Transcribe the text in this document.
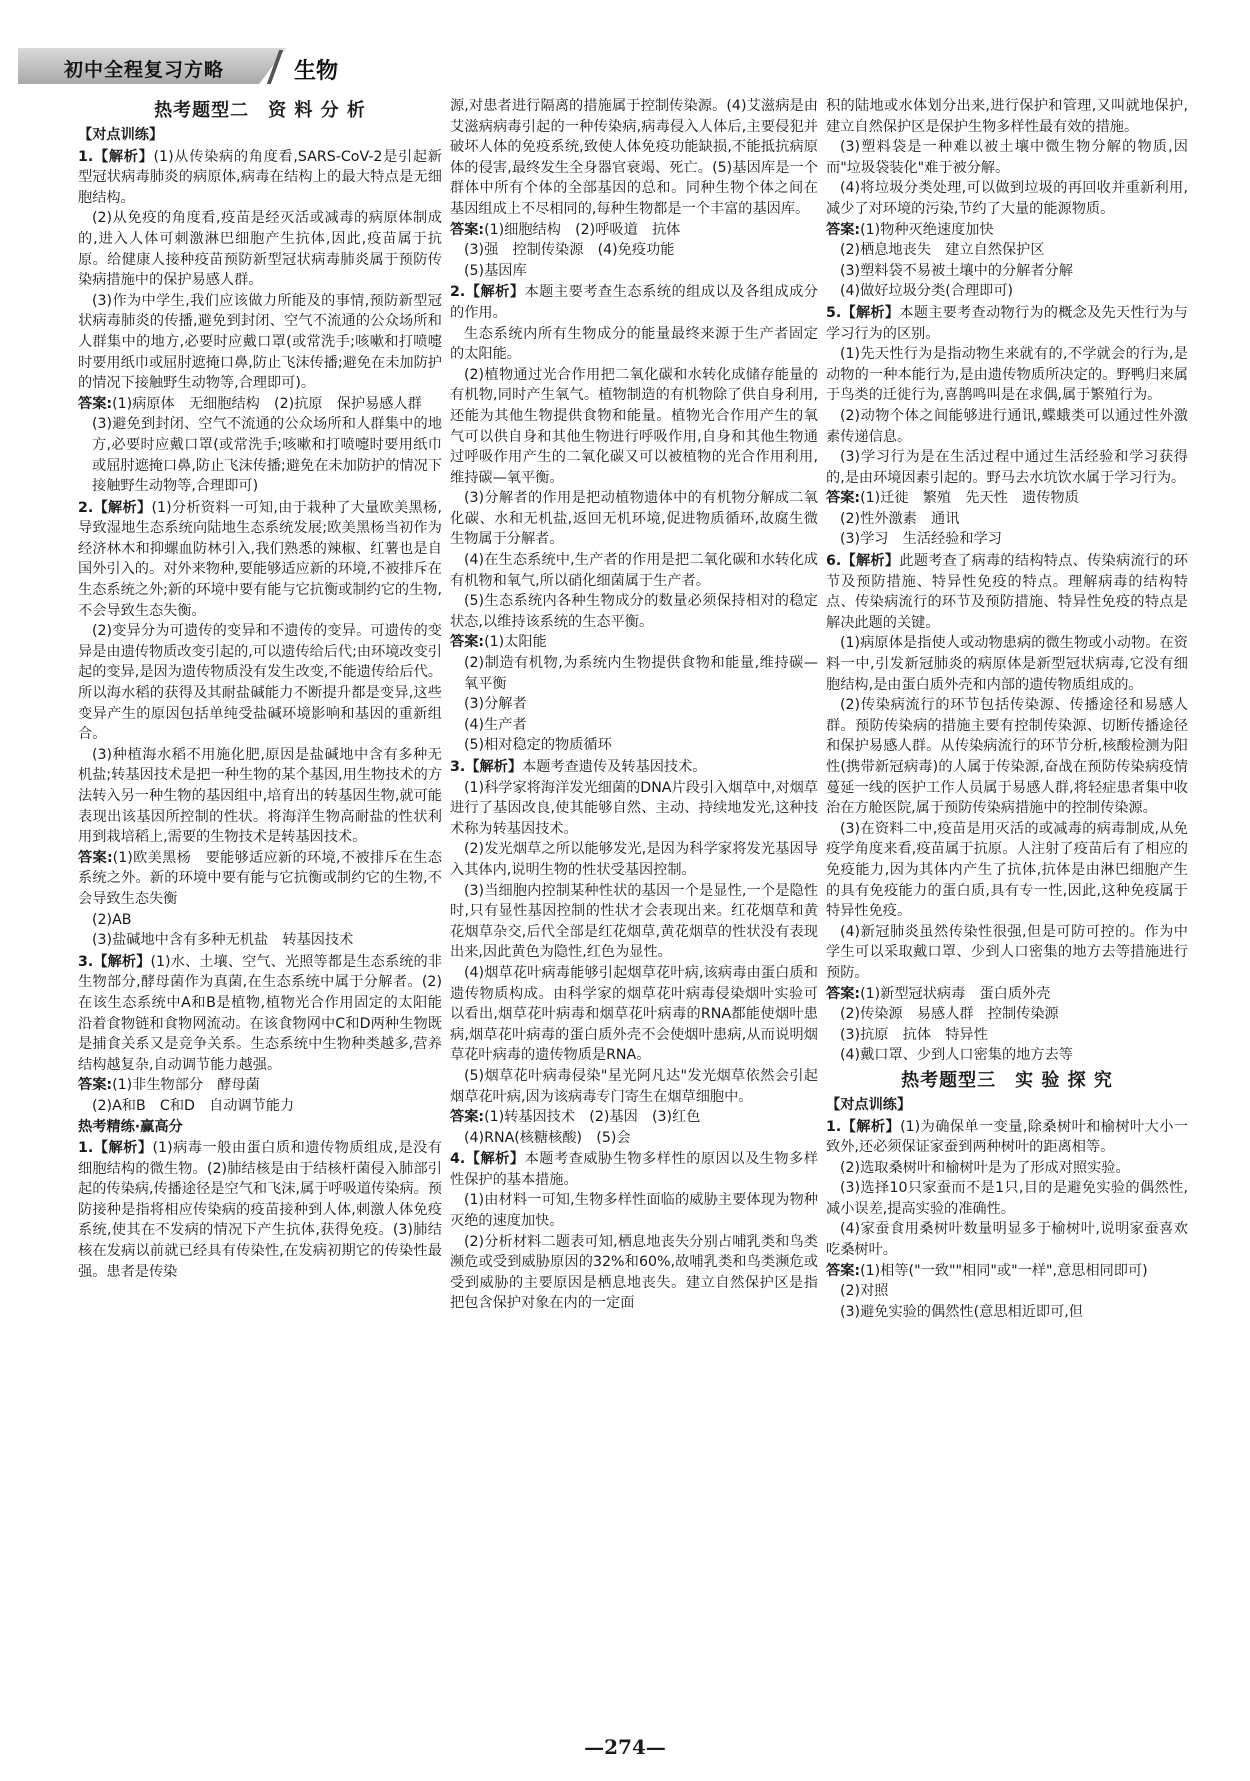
初中全程复习方略	生物
热考题型二　资 料 分 析
【对点训练】
1.【解析】(1)从传染病的角度看,SARS-CoV-2是引起新型冠状病毒肺炎的病原体,病毒在结构上的最大特点是无细胞结构。
(2)从免疫的角度看,疫苗是经灭活或减毒的病原体制成的,进入人体可刺激淋巴细胞产生抗体,因此,疫苗属于抗原。给健康人接种疫苗预防新型冠状病毒肺炎属于预防传染病措施中的保护易感人群。
(3)作为中学生,我们应该做力所能及的事情,预防新型冠状病毒肺炎的传播,避免到封闭、空气不流通的公众场所和人群集中的地方,必要时应戴口罩(或常洗手;咳嗽和打喷嚏时要用纸巾或屈肘遮掩口鼻,防止飞沫传播;避免在未加防护的情况下接触野生动物等,合理即可)。
答案:(1)病原体　无细胞结构　(2)抗原　保护易感人群
(3)避免到封闭、空气不流通的公众场所和人群集中的地方,必要时应戴口罩(或常洗手;咳嗽和打喷嚏时要用纸巾或屈肘遮掩口鼻,防止飞沫传播;避免在未加防护的情况下接触野生动物等,合理即可)
2.【解析】(1)分析资料一可知,由于栽种了大量欧美黑杨,导致湿地生态系统向陆地生态系统发展;欧美黑杨当初作为经济林木和抑螺血防林引入,我们熟悉的辣椒、红薯也是自国外引入的。对外来物种,要能够适应新的环境,不被排斥在生态系统之外;新的环境中要有能与它抗衡或制约它的生物,不会导致生态失衡。
(2)变异分为可遗传的变异和不遗传的变异。可遗传的变异是由遗传物质改变引起的,可以遗传给后代;由环境改变引起的变异,是因为遗传物质没有发生改变,不能遗传给后代。所以海水稻的获得及其耐盐碱能力不断提升都是变异,这些变异产生的原因包括单纯受盐碱环境影响和基因的重新组合。
(3)种植海水稻不用施化肥,原因是盐碱地中含有多种无机盐;转基因技术是把一种生物的某个基因,用生物技术的方法转入另一种生物的基因组中,培育出的转基因生物,就可能表现出该基因所控制的性状。将海洋生物高耐盐的性状利用到栽培稻上,需要的生物技术是转基因技术。
答案:(1)欧美黑杨　要能够适应新的环境,不被排斥在生态系统之外。新的环境中要有能与它抗衡或制约它的生物,不会导致生态失衡
(2)AB
(3)盐碱地中含有多种无机盐　转基因技术
3.【解析】(1)水、土壤、空气、光照等都是生态系统的非生物部分,酵母菌作为真菌,在生态系统中属于分解者。(2)在该生态系统中A和B是植物,植物光合作用固定的太阳能沿着食物链和食物网流动。在该食物网中C和D两种生物既是捕食关系又是竞争关系。生态系统中生物种类越多,营养结构越复杂,自动调节能力越强。
答案:(1)非生物部分　酵母菌
(2)A和B　C和D　自动调节能力
热考精练·赢高分
1.【解析】(1)病毒一般由蛋白质和遗传物质组成,是没有细胞结构的微生物。(2)肺结核是由于结核杆菌侵入肺部引起的传染病,传播途径是空气和飞沫,属于呼吸道传染病。预防接种是指将相应传染病的疫苗接种到人体,刺激人体免疫系统,使其在不发病的情况下产生抗体,获得免疫。(3)肺结核在发病以前就已经具有传染性,在发病初期它的传染性最强。患者是传染
源,对患者进行隔离的措施属于控制传染源。(4)艾滋病是由艾滋病病毒引起的一种传染病,病毒侵入人体后,主要侵犯并破坏人体的免疫系统,致使人体免疫功能缺损,不能抵抗病原体的侵害,最终发生全身器官衰竭、死亡。(5)基因库是一个群体中所有个体的全部基因的总和。同种生物个体之间在基因组成上不尽相同的,每种生物都是一个丰富的基因库。
答案:(1)细胞结构　(2)呼吸道　抗体
(3)强　控制传染源　(4)免疫功能
(5)基因库
2.【解析】本题主要考查生态系统的组成以及各组成成分的作用。
生态系统内所有生物成分的能量最终来源于生产者固定的太阳能。
(2)植物通过光合作用把二氧化碳和水转化成储存能量的有机物,同时产生氧气。植物制造的有机物除了供自身利用,还能为其他生物提供食物和能量。植物光合作用产生的氧气可以供自身和其他生物进行呼吸作用,自身和其他生物通过呼吸作用产生的二氧化碳又可以被植物的光合作用利用,维持碳—氧平衡。
(3)分解者的作用是把动植物遗体中的有机物分解成二氧化碳、水和无机盐,返回无机环境,促进物质循环,故腐生微生物属于分解者。
(4)在生态系统中,生产者的作用是把二氧化碳和水转化成有机物和氧气,所以硝化细菌属于生产者。
(5)生态系统内各种生物成分的数量必须保持相对的稳定状态,以维持该系统的生态平衡。
答案:(1)太阳能
(2)制造有机物,为系统内生物提供食物和能量,维持碳—氧平衡
(3)分解者
(4)生产者
(5)相对稳定的物质循环
3.【解析】本题考查遗传及转基因技术。
(1)科学家将海洋发光细菌的DNA片段引入烟草中,对烟草进行了基因改良,使其能够自然、主动、持续地发光,这种技术称为转基因技术。
(2)发光烟草之所以能够发光,是因为科学家将发光基因导入其体内,说明生物的性状受基因控制。
(3)当细胞内控制某种性状的基因一个是显性,一个是隐性时,只有显性基因控制的性状才会表现出来。红花烟草和黄花烟草杂交,后代全部是红花烟草,黄花烟草的性状没有表现出来,因此黄色为隐性,红色为显性。
(4)烟草花叶病毒能够引起烟草花叶病,该病毒由蛋白质和遗传物质构成。由科学家的烟草花叶病毒侵染烟叶实验可以看出,烟草花叶病毒和烟草花叶病毒的RNA都能使烟叶患病,烟草花叶病毒的蛋白质外壳不会使烟叶患病,从而说明烟草花叶病毒的遗传物质是RNA。
(5)烟草花叶病毒侵染"星光阿凡达"发光烟草依然会引起烟草花叶病,因为该病毒专门寄生在烟草细胞中。
答案:(1)转基因技术　(2)基因　(3)红色
(4)RNA(核糖核酸)　(5)会
4.【解析】本题考查威胁生物多样性的原因以及生物多样性保护的基本措施。
(1)由材料一可知,生物多样性面临的威胁主要体现为物种灭绝的速度加快。
(2)分析材料二题表可知,栖息地丧失分别占哺乳类和鸟类濒危或受到威胁原因的32%和60%,故哺乳类和鸟类濒危或受到威胁的主要原因是栖息地丧失。建立自然保护区是指把包含保护对象在内的一定面
积的陆地或水体划分出来,进行保护和管理,又叫就地保护,建立自然保护区是保护生物多样性最有效的措施。
(3)塑料袋是一种难以被土壤中微生物分解的物质,因而"垃圾袋装化"难于被分解。
(4)将垃圾分类处理,可以做到垃圾的再回收并重新利用,减少了对环境的污染,节约了大量的能源物质。
答案:(1)物种灭绝速度加快
(2)栖息地丧失　建立自然保护区
(3)塑料袋不易被土壤中的分解者分解
(4)做好垃圾分类(合理即可)
5.【解析】本题主要考查动物行为的概念及先天性行为与学习行为的区别。
(1)先天性行为是指动物生来就有的,不学就会的行为,是动物的一种本能行为,是由遗传物质所决定的。野鸭归来属于鸟类的迁徙行为,喜鹊鸣叫是在求偶,属于繁殖行为。
(2)动物个体之间能够进行通讯,蝶蛾类可以通过性外激素传递信息。
(3)学习行为是在生活过程中通过生活经验和学习获得的,是由环境因素引起的。野马去水坑饮水属于学习行为。
答案:(1)迁徙　繁殖　先天性　遗传物质
(2)性外激素　通讯
(3)学习　生活经验和学习
6.【解析】此题考查了病毒的结构特点、传染病流行的环节及预防措施、特异性免疫的特点。理解病毒的结构特点、传染病流行的环节及预防措施、特异性免疫的特点是解决此题的关键。
(1)病原体是指使人或动物患病的微生物或小动物。在资料一中,引发新冠肺炎的病原体是新型冠状病毒,它没有细胞结构,是由蛋白质外壳和内部的遗传物质组成的。
(2)传染病流行的环节包括传染源、传播途径和易感人群。预防传染病的措施主要有控制传染源、切断传播途径和保护易感人群。从传染病流行的环节分析,核酸检测为阳性(携带新冠病毒)的人属于传染源,奋战在预防传染病疫情蔓延一线的医护工作人员属于易感人群,将轻症患者集中收治在方舱医院,属于预防传染病措施中的控制传染源。
(3)在资料二中,疫苗是用灭活的或减毒的病毒制成,从免疫学角度来看,疫苗属于抗原。人注射了疫苗后有了相应的免疫能力,因为其体内产生了抗体,抗体是由淋巴细胞产生的具有免疫能力的蛋白质,具有专一性,因此,这种免疫属于特异性免疫。
(4)新冠肺炎虽然传染性很强,但是可防可控的。作为中学生可以采取戴口罩、少到人口密集的地方去等措施进行预防。
答案:(1)新型冠状病毒　蛋白质外壳
(2)传染源　易感人群　控制传染源
(3)抗原　抗体　特异性
(4)戴口罩、少到人口密集的地方去等
热考题型三　实 验 探 究
【对点训练】
1.【解析】(1)为确保单一变量,除桑树叶和榆树叶大小一致外,还必须保证家蚕到两种树叶的距离相等。
(2)选取桑树叶和榆树叶是为了形成对照实验。
(3)选择10只家蚕而不是1只,目的是避免实验的偶然性,减小误差,提高实验的准确性。
(4)家蚕食用桑树叶数量明显多于榆树叶,说明家蚕喜欢吃桑树叶。
答案:(1)相等("一致""相同"或"一样",意思相同即可)
(2)对照
(3)避免实验的偶然性(意思相近即可,但
—274—
